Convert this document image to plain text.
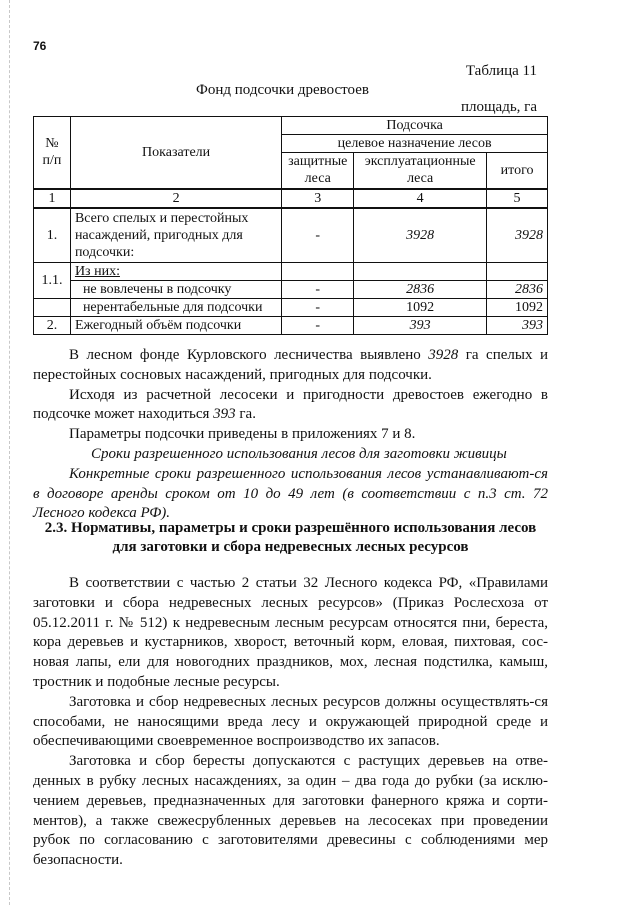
76
Таблица 11
Фонд подсочки древостоев
площадь, га
№ п/п	Показатели	Подсочка		
		целевое назначение лесов		
		защитные леса	эксплуатационные леса	итого
1	2	3	4	5
1.	Всего спелых и перестойных насаждений, пригодных для подсочки:	-	3928	3928
1.1.	Из них:			
	не вовлечены в подсочку	-	2836	2836
	нерентабельные для подсочки	-	1092	1092
2.	Ежегодный объём подсочки	-	393	393

В лесном фонде Курловского лесничества выявлено 3928 га спелых и перестойных сосновых насаждений, пригодных для подсочки.

Исходя из расчетной лесосеки и пригодности древостоев ежегодно в подсочке может находиться 393 га.

Параметры подсочки приведены в приложениях 7 и 8.

Сроки разрешенного использования лесов для заготовки живицы

Конкретные сроки разрешенного использования лесов устанавливают-ся в договоре аренды сроком от 10 до 49 лет (в соответствии с п.3 ст. 72 Лесного кодекса РФ).

2.3. Нормативы, параметры и сроки разрешённого использования лесов для заготовки и сбора недревесных лесных ресурсов

В соответствии с частью 2 статьи 32 Лесного кодекса РФ, «Правилами заготовки и сбора недревесных лесных ресурсов» (Приказ Рослесхоза от 05.12.2011 г. № 512) к недревесным лесным ресурсам относятся пни, береста, кора деревьев и кустарников, хворост, веточный корм, еловая, пихтовая, сос-новая лапы, ели для новогодних праздников, мох, лесная подстилка, камыш, тростник и подобные лесные ресурсы.

Заготовка и сбор недревесных лесных ресурсов должны осуществлять-ся способами, не наносящими вреда лесу и окружающей природной среде и обеспечивающими своевременное воспроизводство их запасов.

Заготовка и сбор бересты допускаются с растущих деревьев на отве-денных в рубку лесных насаждениях, за один – два года до рубки (за исклю-чением деревьев, предназначенных для заготовки фанерного кряжа и сорти-ментов), а также свежесрубленных деревьев на лесосеках при проведении рубок по согласованию с заготовителями древесины с соблюдениями мер безопасности.
